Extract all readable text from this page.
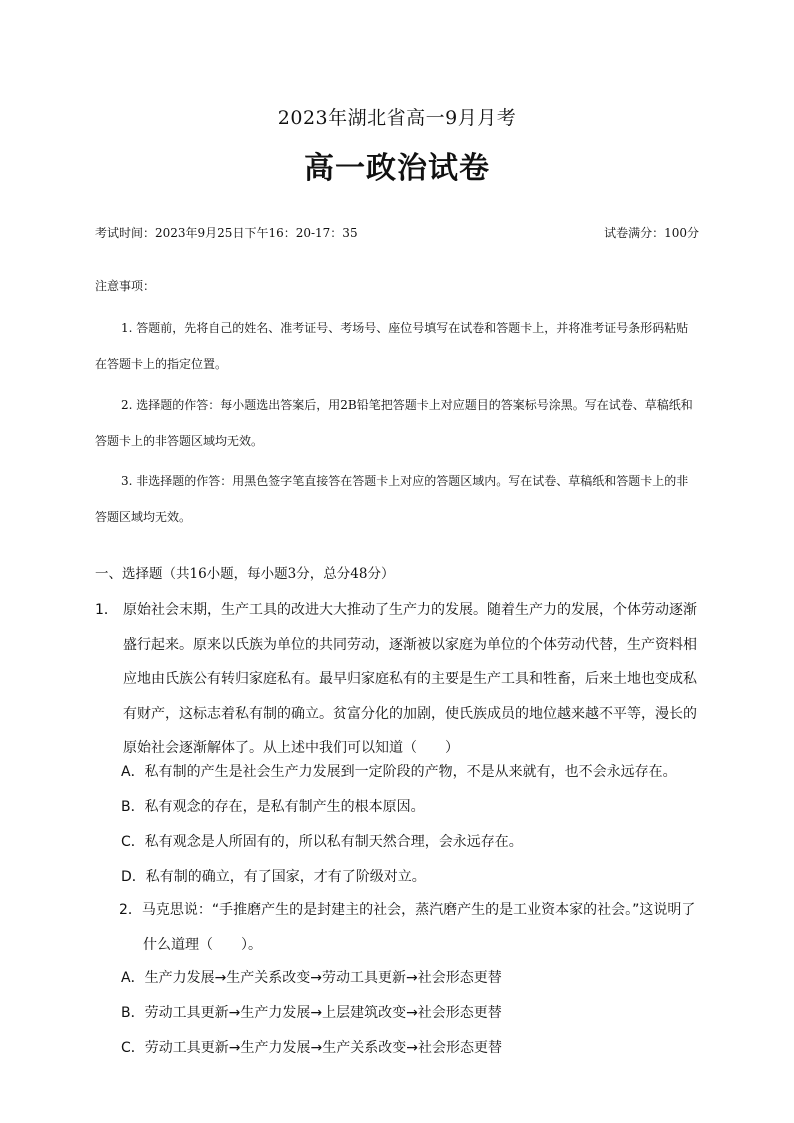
2023年湖北省高一9月月考
高一政治试卷
考试时间：2023年9月25日下午16：20-17：35	试卷满分：100分
注意事项：
1. 答题前，先将自己的姓名、准考证号、考场号、座位号填写在试卷和答题卡上，并将准考证号条形码粘贴在答题卡上的指定位置。
2. 选择题的作答：每小题选出答案后，用2B铅笔把答题卡上对应题目的答案标号涂黑。写在试卷、草稿纸和答题卡上的非答题区域均无效。
3. 非选择题的作答：用黑色签字笔直接答在答题卡上对应的答题区域内。写在试卷、草稿纸和答题卡上的非答题区域均无效。
一、选择题（共16小题，每小题3分，总分48分）
1． 原始社会末期，生产工具的改进大大推动了生产力的发展。随着生产力的发展，个体劳动逐渐盛行起来。原来以氏族为单位的共同劳动，逐渐被以家庭为单位的个体劳动代替，生产资料相应地由氏族公有转归家庭私有。最早归家庭私有的主要是生产工具和牲畜，后来土地也变成私有财产，这标志着私有制的确立。贫富分化的加剧，使氏族成员的地位越来越不平等，漫长的原始社会逐渐解体了。从上述中我们可以知道（　　）
A．私有制的产生是社会生产力发展到一定阶段的产物，不是从来就有，也不会永远存在。
B．私有观念的存在，是私有制产生的根本原因。
C．私有观念是人所固有的，所以私有制天然合理，会永远存在。
D．私有制的确立，有了国家，才有了阶级对立。
2．马克思说：“手推磨产生的是封建主的社会，蒸汽磨产生的是工业资本家的社会。”这说明了什么道理（　　）。
A．生产力发展→生产关系改变→劳动工具更新→社会形态更替
B．劳动工具更新→生产力发展→上层建筑改变→社会形态更替
C．劳动工具更新→生产力发展→生产关系改变→社会形态更替
